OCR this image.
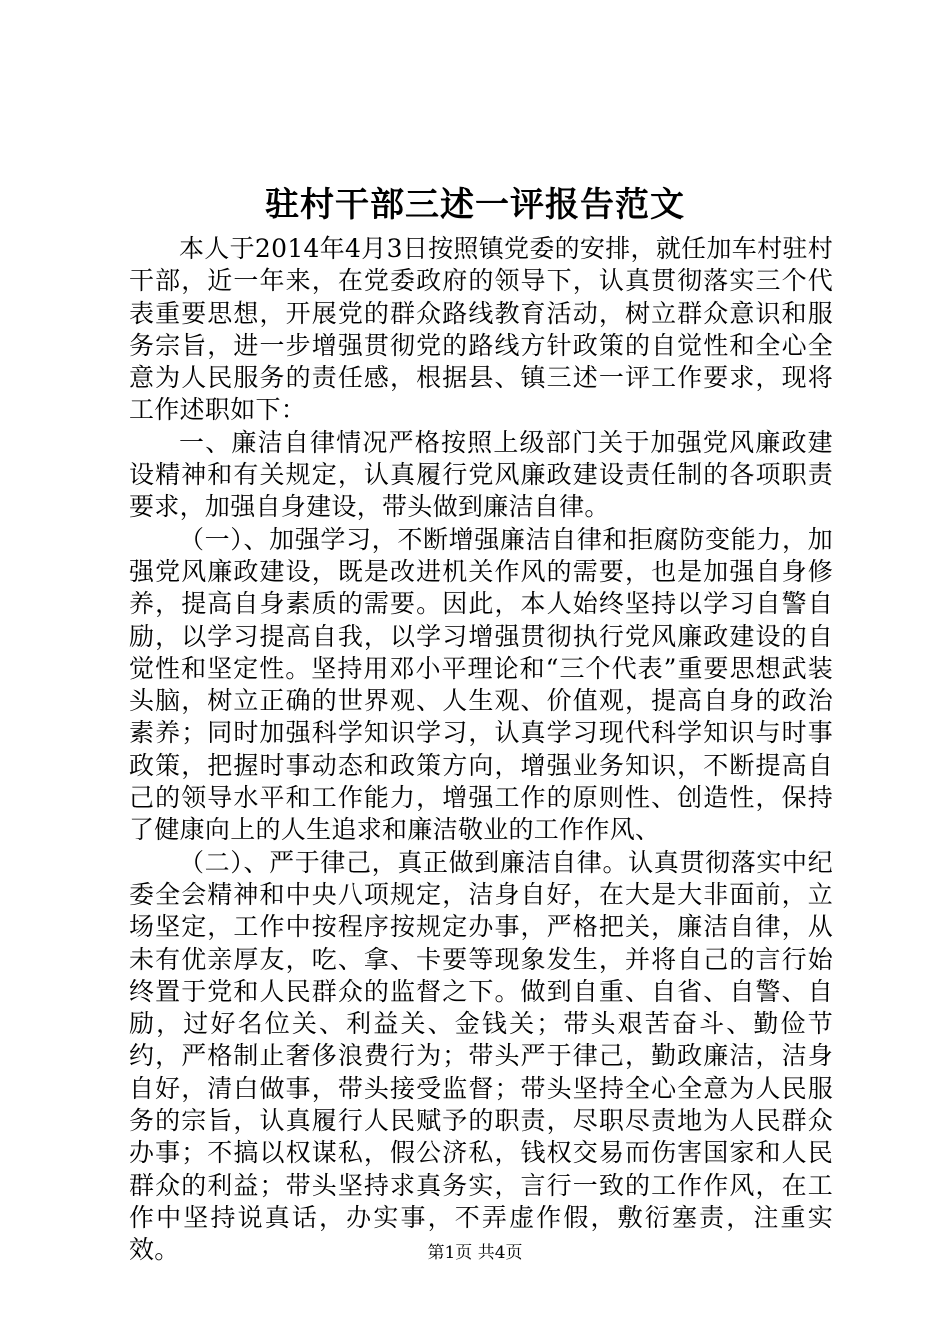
驻村干部三述一评报告范文

本人于2014年4月3日按照镇党委的安排，就任加车村驻村干部，近一年来，在党委政府的领导下，认真贯彻落实三个代表重要思想，开展党的群众路线教育活动，树立群众意识和服务宗旨，进一步增强贯彻党的路线方针政策的自觉性和全心全意为人民服务的责任感，根据县、镇三述一评工作要求，现将工作述职如下：

一、廉洁自律情况严格按照上级部门关于加强党风廉政建设精神和有关规定，认真履行党风廉政建设责任制的各项职责要求，加强自身建设，带头做到廉洁自律。

（一）、加强学习，不断增强廉洁自律和拒腐防变能力，加强党风廉政建设，既是改进机关作风的需要，也是加强自身修养，提高自身素质的需要。因此，本人始终坚持以学习自警自励，以学习提高自我，以学习增强贯彻执行党风廉政建设的自觉性和坚定性。坚持用邓小平理论和“三个代表”重要思想武装头脑，树立正确的世界观、人生观、价值观，提高自身的政治素养；同时加强科学知识学习，认真学习现代科学知识与时事政策，把握时事动态和政策方向，增强业务知识，不断提高自己的领导水平和工作能力，增强工作的原则性、创造性，保持了健康向上的人生追求和廉洁敬业的工作作风、

（二）、严于律己，真正做到廉洁自律。认真贯彻落实中纪委全会精神和中央八项规定，洁身自好，在大是大非面前，立场坚定，工作中按程序按规定办事，严格把关，廉洁自律，从未有优亲厚友，吃、拿、卡要等现象发生，并将自己的言行始终置于党和人民群众的监督之下。做到自重、自省、自警、自励，过好名位关、利益关、金钱关；带头艰苦奋斗、勤俭节约，严格制止奢侈浪费行为；带头严于律己，勤政廉洁，洁身自好，清白做事，带头接受监督；带头坚持全心全意为人民服务的宗旨，认真履行人民赋予的职责，尽职尽责地为人民群众办事；不搞以权谋私，假公济私，钱权交易而伤害国家和人民群众的利益；带头坚持求真务实，言行一致的工作作风，在工作中坚持说真话，办实事，不弄虚作假，敷衍塞责，注重实效。	第1页 共4页
